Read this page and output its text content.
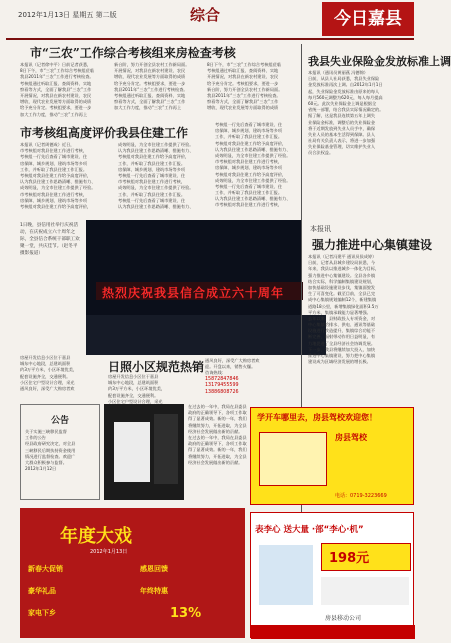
2012年1月13日 星期五 第二版	综合	今日嘉县
市“三农”工作综合考核组来房检查考核
本报讯（记者徐中平）日前记者获悉，
8日下午，市“三农”工作综合考核组莅临
我县2011年“三农”工作进行考核检查。
考核组通过听取汇报、查阅资料、实地
察看等方式，全面了解我县“三农”工作
开展情况，对我县在新农村建设、农民
增收、现代农业发展等方面取得的成绩
给予充分肯定。考核组要求，要进一步
加大工作力度，推动“三农”工作再上
新台阶，努力开创全县农村工作新局面。
开展情况，对我县在新农村建设、农民
增收、现代农业发展等方面取得的成绩
给予充分肯定。考核组要求，要进一步
我县2011年“三农”工作进行考核检查。
考核组通过听取汇报、查阅资料、实地
察看等方式，全面了解我县“三农”工作
加大工作力度，推动“三农”工作再上
8日下午，市“三农”工作综合考核组莅临
考核组通过听取汇报、查阅资料、实地
开展情况，对我县在新农村建设、农民
给予充分肯定。考核组要求，要进一步
新台阶，努力开创全县农村工作新局面。
我县2011年“三农”工作进行考核检查。
察看等方式，全面了解我县“三农”工作
增收、现代农业发展等方面取得的成绩
市考核组高度评价我县住建工作
本报讯（记者周德成）近日，
市考核组对我县住建工作进行考核，
考核组一行先后查看了城市建设、住
房保障、城乡规划、建筑市场等多项
工作，并听取了我县住建工作汇报。
考核组对我县住建工作给予高度评价，
认为我县住建工作思路清晰、措施有力、
成效明显，为全市住建工作提供了经验。
市考核组对我县住建工作进行考核，
房保障、城乡规划、建筑市场等多项
考核组对我县住建工作给予高度评价，
成效明显，为全市住建工作提供了经验。
认为我县住建工作思路清晰、措施有力、
考核组对我县住建工作给予高度评价，
工作，并听取了我县住建工作汇报。
房保障、城乡规划、建筑市场等多项
考核组一行先后查看了城市建设、住
市考核组对我县住建工作进行考核，
成效明显，为全市住建工作提供了经验。
工作，并听取了我县住建工作汇报。
考核组一行先后查看了城市建设、住
认为我县住建工作思路清晰、措施有力、
考核组一行先后查看了城市建设、住
房保障、城乡规划、建筑市场等多项
工作，并听取了我县住建工作汇报。
考核组对我县住建工作给予高度评价，
认为我县住建工作思路清晰、措施有力、
成效明显，为全市住建工作提供了经验。
市考核组对我县住建工作进行考核，
房保障、城乡规划、建筑市场等多项
考核组对我县住建工作给予高度评价，
成效明显，为全市住建工作提供了经验。
考核组一行先后查看了城市建设、住
工作，并听取了我县住建工作汇报。
认为我县住建工作思路清晰、措施有力、
市考核组对我县住建工作进行考核，
热烈庆祝我县信合成立六十周年
1日晚，县信用社举行庆祝活动，在庆祝成立六十周年之际，全县信合系统干部职工欢聚一堂，共庆佳节。（赵冬平 摄影报道）
我县失业保险金发放标准上调
本报讯（通讯员黄丽燕 冯德锦）
日前，从县人社局获悉，我县失业保险
金发放标准再次上调。自2012年1月1日
起，失业保险金发放标准由原来的每人
每月560元调整为620元，每人每月提高
60元。此次失业保险金上调是根据全
省统一部署，结合我县实际情况确定的。
据了解，这是我县连续第五年上调失
业保险金标准，调整后的失业保险金
将于近期发放到失业人员手中，确保
失业人员的基本生活得到保障。县人
社局有关负责人表示，将进一步加强
失业保险基金管理，切实维护失业人
员合法权益。
本报讯
强力推进中心集镇建设
本报讯（记者冯建平 通讯员侯成婷）
日前，记者从县城乡建设局获悉，今
年来，我县以推进城乡一体化为目标，
强力推进中心集镇建设。全县各乡镇
结合实际，科学编制集镇建设规划，
加快基础设施建设步伐，集镇面貌发
生了可喜变化。截至目前，全县已完
成中心集镇规划编制12个，新建集镇
道路18公里，新增集镇绿化面积3.5万
平方米，集镇承载能力显著增强。
去年以来，县财政投入专项资金，对
中心集镇给排水、供电、通讯等基础
设施进行改造提升，集镇综合功能不
断完善，辐射带动作用日益明显，有
力地促进了全县经济社会协调发展。
下一步，我县将继续加大投入，加快
推进中心集镇建设，努力把中心集镇
建设成为区域经济发展的增长极。
房屋开发信息小区位于嘉县
城东中心地段，总建筑面积
约3万平方米，小区环境优美，
配套设施齐全，交通便利。
小区住宅户型设计合理，采光
通风良好，深受广大购房者欢
日照小区规范热销
房屋开发信息小区位于嘉县
城东中心地段，总建筑面积
约3万平方米，小区环境优美，
配套设施齐全，交通便利。
小区住宅户型设计合理，采光
通风良好，深受广大购房者欢
迎。开盘以来，销售火爆。
咨询热线：
15872847846
13179455599
13886808726
公告
关于实施三峡移民监督
工作的公告
经县政府研究决定，对全县
三峡移民后期扶持资金使用
情况进行监督检查。欢迎广
大群众积极参与监督。
2012年1月12日
在过去的一年中，我局在县委县
政府的正确领导下，各项工作取
得了显著成效。新的一年，我们
将继续努力，开拓进取，为全县
经济社会发展做出新的贡献。
在过去的一年中，我局在县委县
政府的正确领导下，各项工作取
得了显著成效。新的一年，我们
将继续努力，开拓进取，为全县
经济社会发展做出新的贡献。
学开车哪里去，房县驾校欢迎您！
房县驾校
电话：0719-3223669
年度大戏
2012年1月13日
新春大促销	感恩回馈
豪华礼品	年终特惠
家电下乡	13%
表李心 送大量 ·部“李心·机”
198元
房县移动公司
